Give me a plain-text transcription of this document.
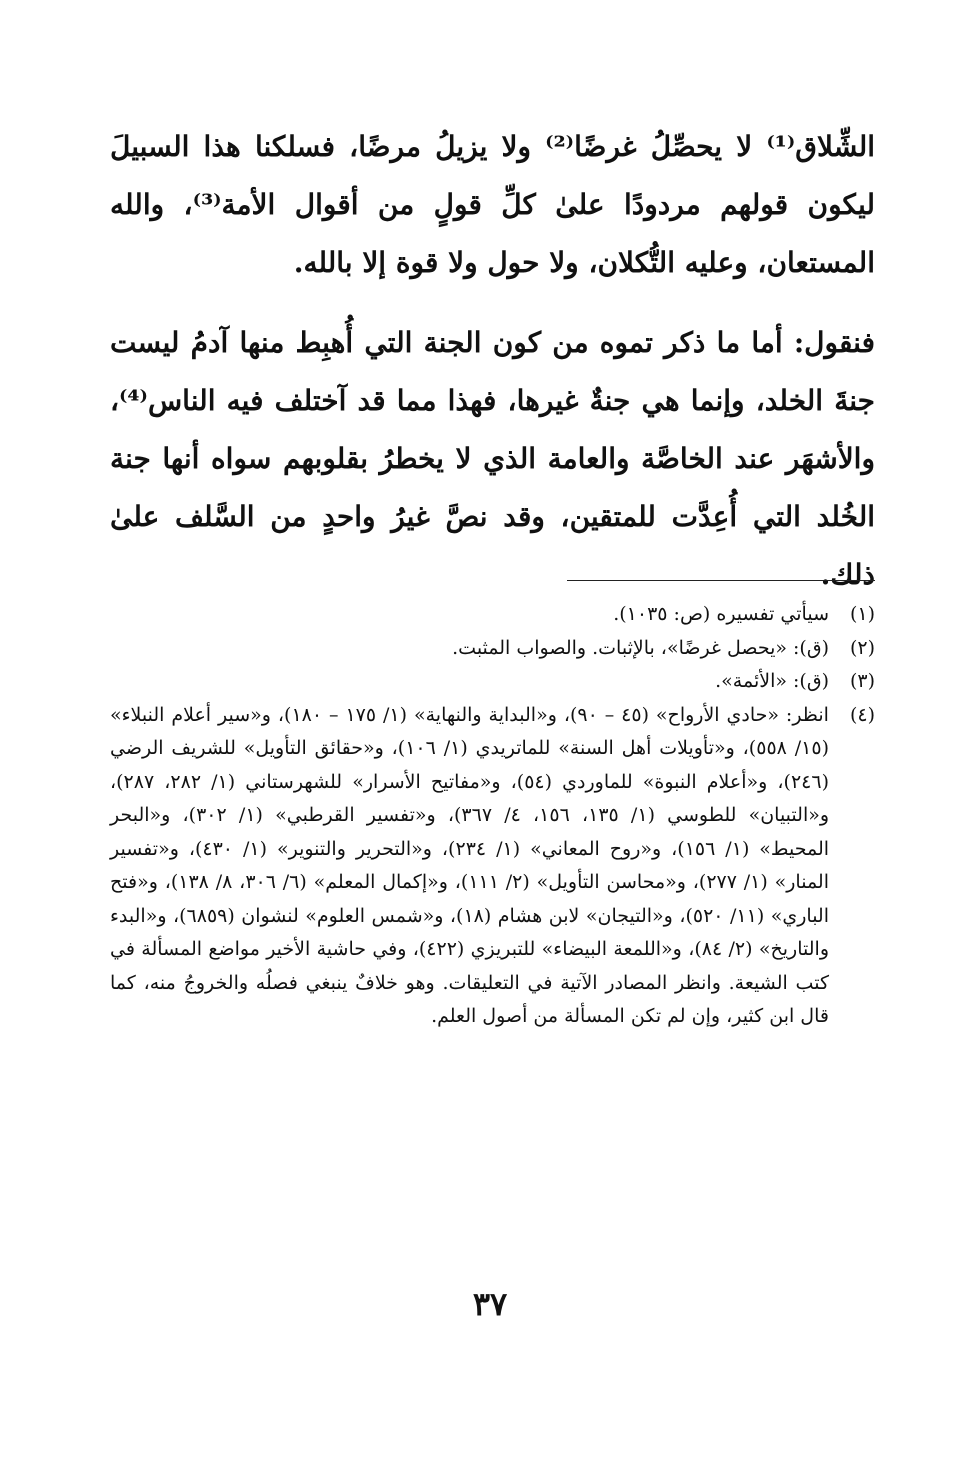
الشِّلاق⁽¹⁾ لا يحصِّلُ غرضًا⁽²⁾ ولا يزيلُ مرضًا، فسلكنا هذا السبيلَ ليكون قولهم مردودًا علىٰ كلِّ قولٍ من أقوال الأمة⁽³⁾، والله المستعان، وعليه التُّكلان، ولا حول ولا قوة إلا بالله.

فنقول: أما ما ذكر تموه من كون الجنة التي أُهبِط منها آدمُ ليست جنةَ الخلد، وإنما هي جنةٌ غيرها، فهذا مما قد آختلف فيه الناس⁽⁴⁾، والأشهَر عند الخاصَّة والعامة الذي لا يخطرُ بقلوبهم سواه أنها جنة الخُلد التي أُعِدَّت للمتقين، وقد نصَّ غيرُ واحدٍ من السَّلف علىٰ ذلك.

(١)
سيأتي تفسيره (ص: ١٠٣٥).
(٢)
(ق): «يحصل غرضًا»، بالإثبات. والصواب المثبت.
(٣)
(ق): «الأئمة».
(٤)
انظر: «حادي الأرواح» (٤٥ – ٩٠)، و«البداية والنهاية» (١/ ١٧٥ – ١٨٠)، و«سير أعلام النبلاء» (١٥/ ٥٥٨)، و«تأويلات أهل السنة» للماتريدي (١/ ١٠٦)، و«حقائق التأويل» للشريف الرضي (٢٤٦)، و«أعلام النبوة» للماوردي (٥٤)، و«مفاتيح الأسرار» للشهرستاني (١/ ٢٨٢، ٢٨٧)، و«التبيان» للطوسي (١/ ١٣٥، ١٥٦، ٤/ ٣٦٧)، و«تفسير القرطبي» (١/ ٣٠٢)، و«البحر المحيط» (١/ ١٥٦)، و«روح المعاني» (١/ ٢٣٤)، و«التحرير والتنوير» (١/ ٤٣٠)، و«تفسير المنار» (١/ ٢٧٧)، و«محاسن التأويل» (٢/ ١١١)، و«إكمال المعلم» (٦/ ٣٠٦، ٨/ ١٣٨)، و«فتح الباري» (١١/ ٥٢٠)، و«التيجان» لابن هشام (١٨)، و«شمس العلوم» لنشوان (٦٨٥٩)، و«البدء والتاريخ» (٢/ ٨٤)، و«اللمعة البيضاء» للتبريزي (٤٢٢)، وفي حاشية الأخير مواضع المسألة في كتب الشيعة. وانظر المصادر الآتية في التعليقات. وهو خلافٌ ينبغي فصلُه والخروجُ منه، كما قال ابن كثير، وإن لم تكن المسألة من أصول العلم.
٣٧
